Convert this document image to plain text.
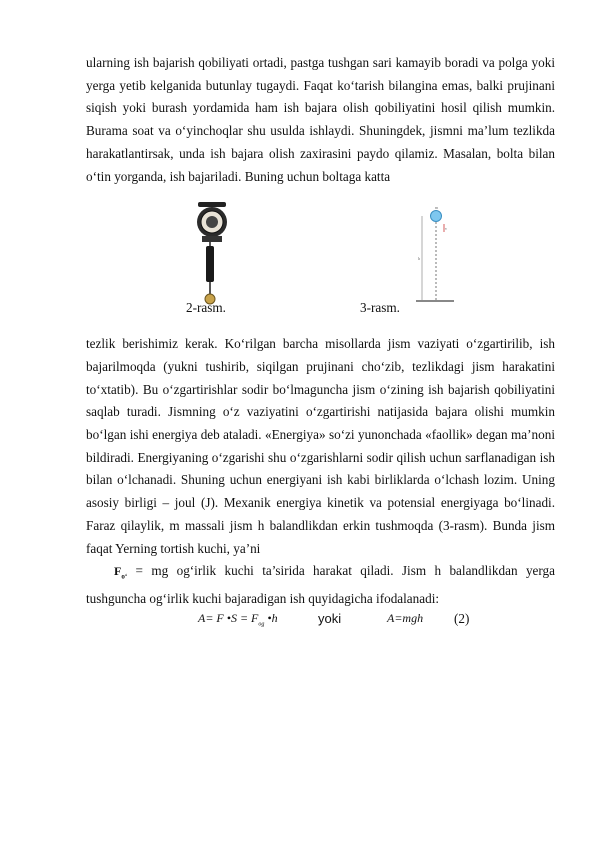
ularning ish bajarish qobiliyati ortadi, pastga tushgan sari kamayib boradi va polga yoki yerga yetib kelganida butunlay tugaydi. Faqat ko‘tarish bilangina emas, balki prujinani siqish yoki burash yordamida ham ish bajara olish qobiliyatini hosil qilish mumkin. Burama soat va o‘yinchoqlar shu usulda ishlaydi. Shuningdek, jismni ma’lum tezlikda harakatlantirsak, unda ish bajara olish zaxirasini paydo qilamiz. Masalan, bolta bilan o‘tin yorganda, ish bajariladi. Buning uchun boltaga katta

m
v
h
2-rasm.	3-rasm.

tezlik berishimiz kerak. Ko‘rilgan barcha misollarda jism vaziyati o‘zgartirilib, ish bajarilmoqda (yukni tushirib, siqilgan prujinani cho‘zib, tezlikdagi jism harakatini to‘xtatib). Bu o‘zgartirishlar sodir bo‘lmaguncha jism o‘zining ish bajarish qobiliyatini saqlab turadi. Jismning o‘z vaziyatini o‘zgartirishi natijasida bajara olishi mumkin bo‘lgan ishi energiya deb ataladi. «Energiya» so‘zi yunonchada «faollik» degan ma’noni bildiradi. Energiyaning o‘zgarishi shu o‘zgarishlarni sodir qilish uchun sarflanadigan ish bilan o‘lchanadi. Shuning uchun energiyani ish kabi birliklarda o‘lchash lozim. Uning asosiy birligi – joul (J). Mexanik energiya kinetik va potensial energiyaga bo‘linadi. Faraz qilaylik, m massali jism h balandlikdan erkin tushmoqda (3-rasm). Bunda jism faqat Yerning tortish kuchi, ya’ni

$F_{o‘}$ = mg og‘irlik kuchi ta’sirida harakat qiladi. Jism h balandlikdan yerga tushguncha og‘irlik kuchi bajaradigan ish quyidagicha ifodalanadi:

A= F •S = $F_{og}$ •h	yoki	A=mgh (2)
